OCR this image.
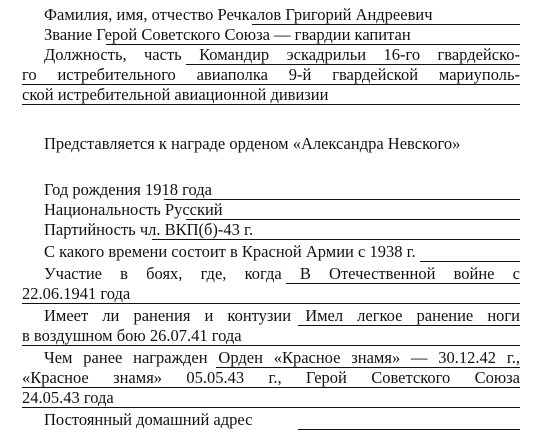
Фамилия, имя, отчество Речкалов Григорий Андреевич
Звание Герой Советского Союза — гвардии капитан
Должность, часть Командир эскадрильи 16-го гвардейско-
го истребительного авиаполка 9-й гвардейской мариуполь-
ской истребительной авиационной дивизии
Представляется к награде орденом «Александра Невского»
Год рождения 1918 года
Национальность Русский
Партийность чл. ВКП(б)-43 г.
С какого времени состоит в Красной Армии с 1938 г.
Участие в боях, где, когда В Отечественной войне с
22.06.1941 года
Имеет ли ранения и контузии Имел легкое ранение ноги
в воздушном бою 26.07.41 года
Чем ранее награжден Орден «Красное знамя» — 30.12.42 г.,
«Красное знамя» 05.05.43 г., Герой Советского Союза
24.05.43 года
Постоянный домашний адрес
